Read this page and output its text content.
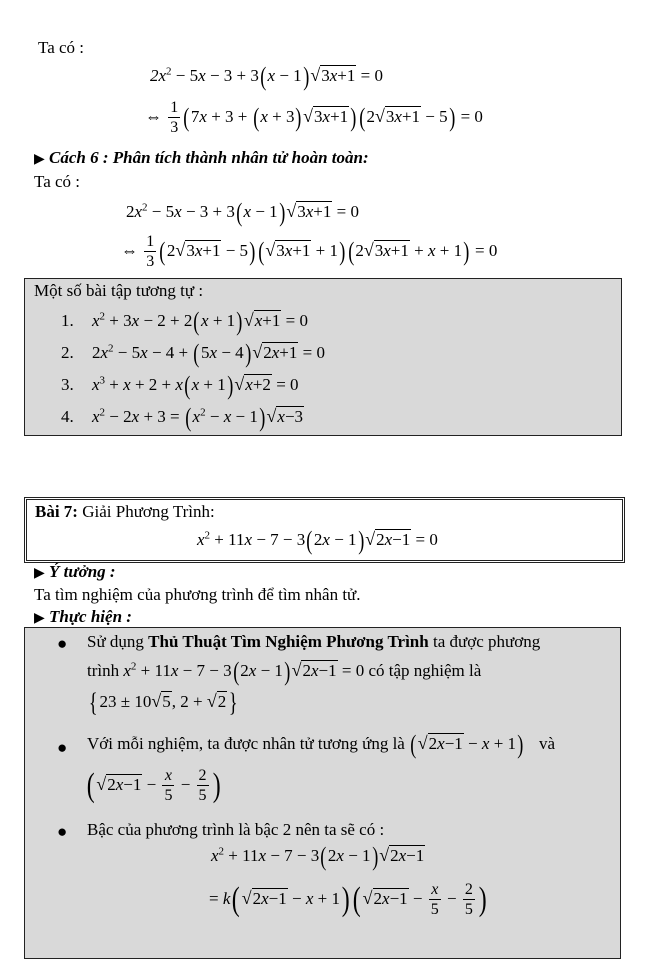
Ta có :
$2x^2 - 5x - 3 + 3(x - 1)√3x+1 = 0$
⇔ $\frac{1}{3} (7x + 3 + (x + 3)√3x+1) (2√3x+1 - 5) = 0$
▶ Cách 6 : Phân tích thành nhân tử hoàn toàn:
Ta có :
$2x^2 - 5x - 3 + 3(x - 1)√3x+1 = 0$
⇔ $\frac{1}{3} (2√3x+1 - 5) (√3x+1 + 1) (2√3x+1 + x + 1) = 0$
Một số bài tập tương tự :
1. $x^2 + 3x - 2 + 2(x + 1)√x+1 = 0$
2. $2x^2 - 5x - 4 + (5x - 4)√2x+1 = 0$
3. $x^3 + x + 2 + x(x + 1)√x+2 = 0$
4. $x^2 - 2x + 3 = (x^2 - x - 1)√x-3$
Bài 7: Giải Phương Trình:
$x^2 + 11x - 7 - 3(2x - 1)√2x-1 = 0$
▶ Ý tưởng :
Ta tìm nghiệm của phương trình để tìm nhân tử.
▶ Thực hiện :
● Sử dụng Thủ Thuật Tìm Nghiệm Phương Trình ta được phương
trình $x^2 + 11x - 7 - 3(2x - 1)√2x-1 = 0$ có tập nghiệm là
{ 23 ± 10√5, 2 + √2 }
● Với mỗi nghiệm, ta được nhân tử tương ứng là (√2x−1 − x + 1) và
($√2x-1 - \frac{x}{5} - \frac{2}{5}$ )
● Bậc của phương trình là bậc 2 nên ta sẽ có :
$x^2 + 11x - 7 - 3(2x - 1)√2x-1$
= $k(√2x-1 - x + 1)(√2x-1 - \frac{x}{5} - \frac{2}{5}$ )
